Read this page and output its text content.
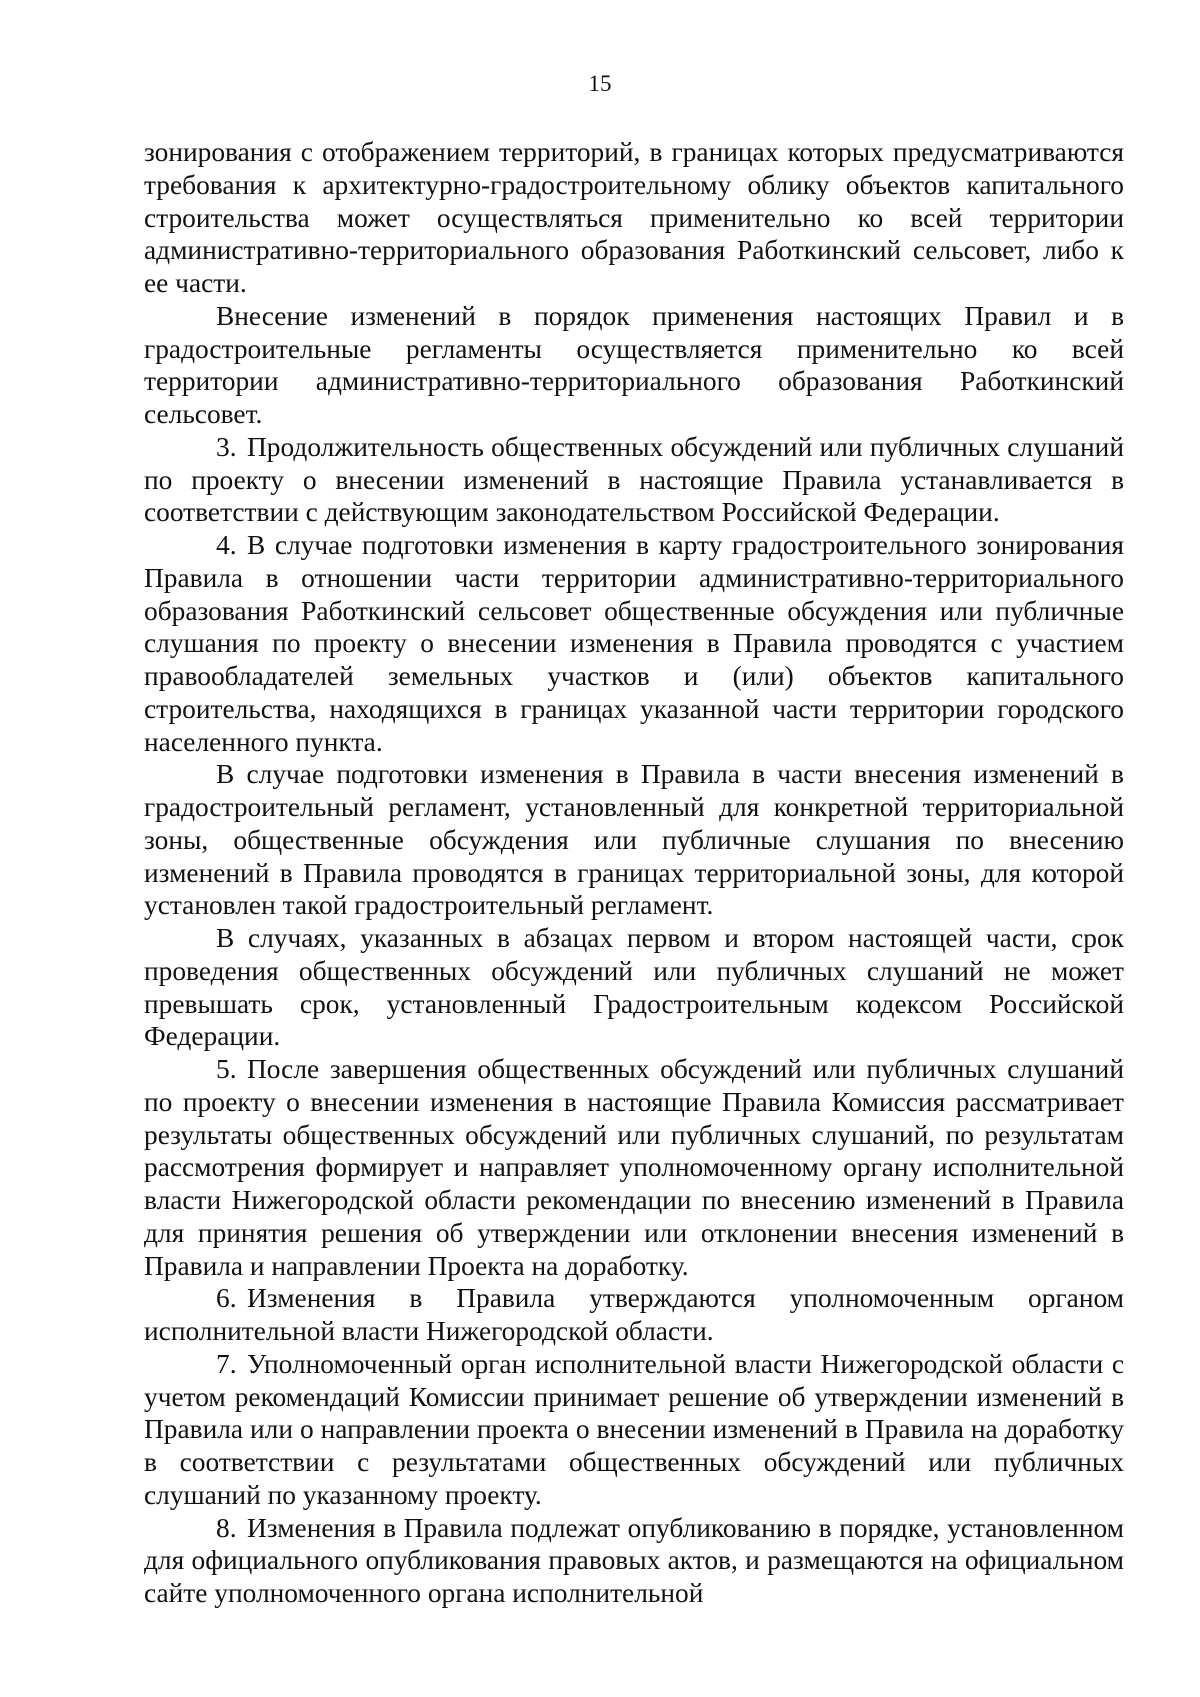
15

зонирования с отображением территорий, в границах которых предусматриваются требования к архитектурно-градостроительному облику объектов капитального строительства может осуществляться применительно ко всей территории административно-территориального образования Работкинский сельсовет, либо к ее части.

Внесение изменений в порядок применения настоящих Правил и в градостроительные регламенты осуществляется применительно ко всей территории административно-территориального образования Работкинский сельсовет.

3. Продолжительность общественных обсуждений или публичных слушаний по проекту о внесении изменений в настоящие Правила устанавливается в соответствии с действующим законодательством Российской Федерации.

4. В случае подготовки изменения в карту градостроительного зонирования Правила в отношении части территории административно-территориального образования Работкинский сельсовет общественные обсуждения или публичные слушания по проекту о внесении изменения в Правила проводятся с участием правообладателей земельных участков и (или) объектов капитального строительства, находящихся в границах указанной части территории городского населенного пункта.

В случае подготовки изменения в Правила в части внесения изменений в градостроительный регламент, установленный для конкретной территориальной зоны, общественные обсуждения или публичные слушания по внесению изменений в Правила проводятся в границах территориальной зоны, для которой установлен такой градостроительный регламент.

В случаях, указанных в абзацах первом и втором настоящей части, срок проведения общественных обсуждений или публичных слушаний не может превышать срок, установленный Градостроительным кодексом Российской Федерации.

5. После завершения общественных обсуждений или публичных слушаний по проекту о внесении изменения в настоящие Правила Комиссия рассматривает результаты общественных обсуждений или публичных слушаний, по результатам рассмотрения формирует и направляет уполномоченному органу исполнительной власти Нижегородской области рекомендации по внесению изменений в Правила для принятия решения об утверждении или отклонении внесения изменений в Правила и направлении Проекта на доработку.

6. Изменения в Правила утверждаются уполномоченным органом исполнительной власти Нижегородской области.

7. Уполномоченный орган исполнительной власти Нижегородской области с учетом рекомендаций Комиссии принимает решение об утверждении изменений в Правила или о направлении проекта о внесении изменений в Правила на доработку в соответствии с результатами общественных обсуждений или публичных слушаний по указанному проекту.

8. Изменения в Правила подлежат опубликованию в порядке, установленном для официального опубликования правовых актов, и размещаются на официальном сайте уполномоченного органа исполнительной
